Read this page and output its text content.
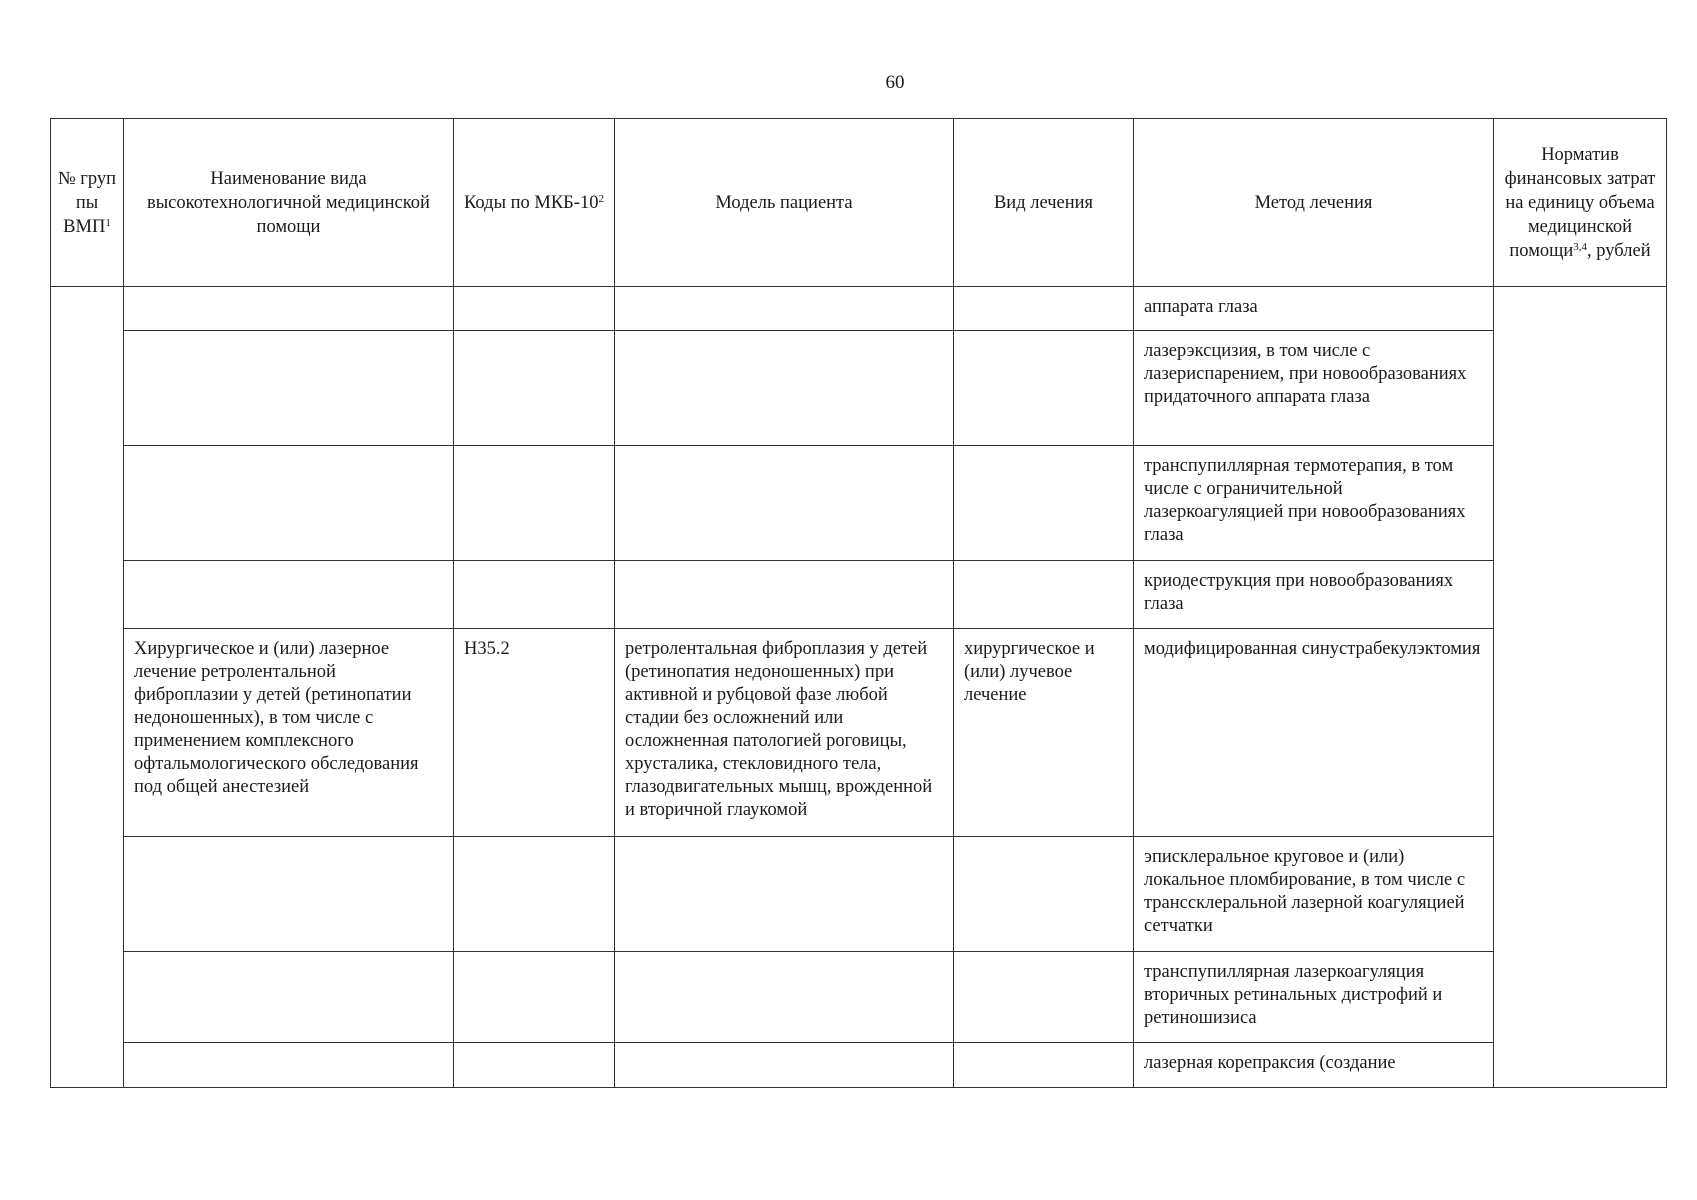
60
№ груп пы ВМП$^1$	Наименование вида высокотехнологичной медицинской помощи	Коды по МКБ-$10^2$	Модель пациента	Вид лечения	Метод лечения	Норматив финансовых затрат на единицу объема медицинской помощи$^{3,4}$, рублей
					аппарата глаза	
					лазерэксцизия, в том числе с лазериспарением, при новообразованиях придаточного аппарата глаза	
					транспупиллярная термотерапия, в том числе с ограничительной лазеркоагуляцией при новообразованиях глаза	
					криодеструкция при новообразованиях глаза	
	Хирургическое и (или) лазерное лечение ретролентальной фиброплазии у детей (ретинопатии недоношенных), в том числе с применением комплексного офтальмологического обследования под общей анестезией	H35.2	ретролентальная фиброплазия у детей (ретинопатия недоношенных) при активной и рубцовой фазе любой стадии без осложнений или осложненная патологией роговицы, хрусталика, стекловидного тела, глазодвигательных мышц, врожденной и вторичной глаукомой	хирургическое и (или) лучевое лечение	модифицированная синустрабекулэктомия	
					эписклеральное круговое и (или) локальное пломбирование, в том числе с транссклеральной лазерной коагуляцией сетчатки	
					транспупиллярная лазеркоагуляция вторичных ретинальных дистрофий и ретиношизиса	
					лазерная корепраксия (создание	
